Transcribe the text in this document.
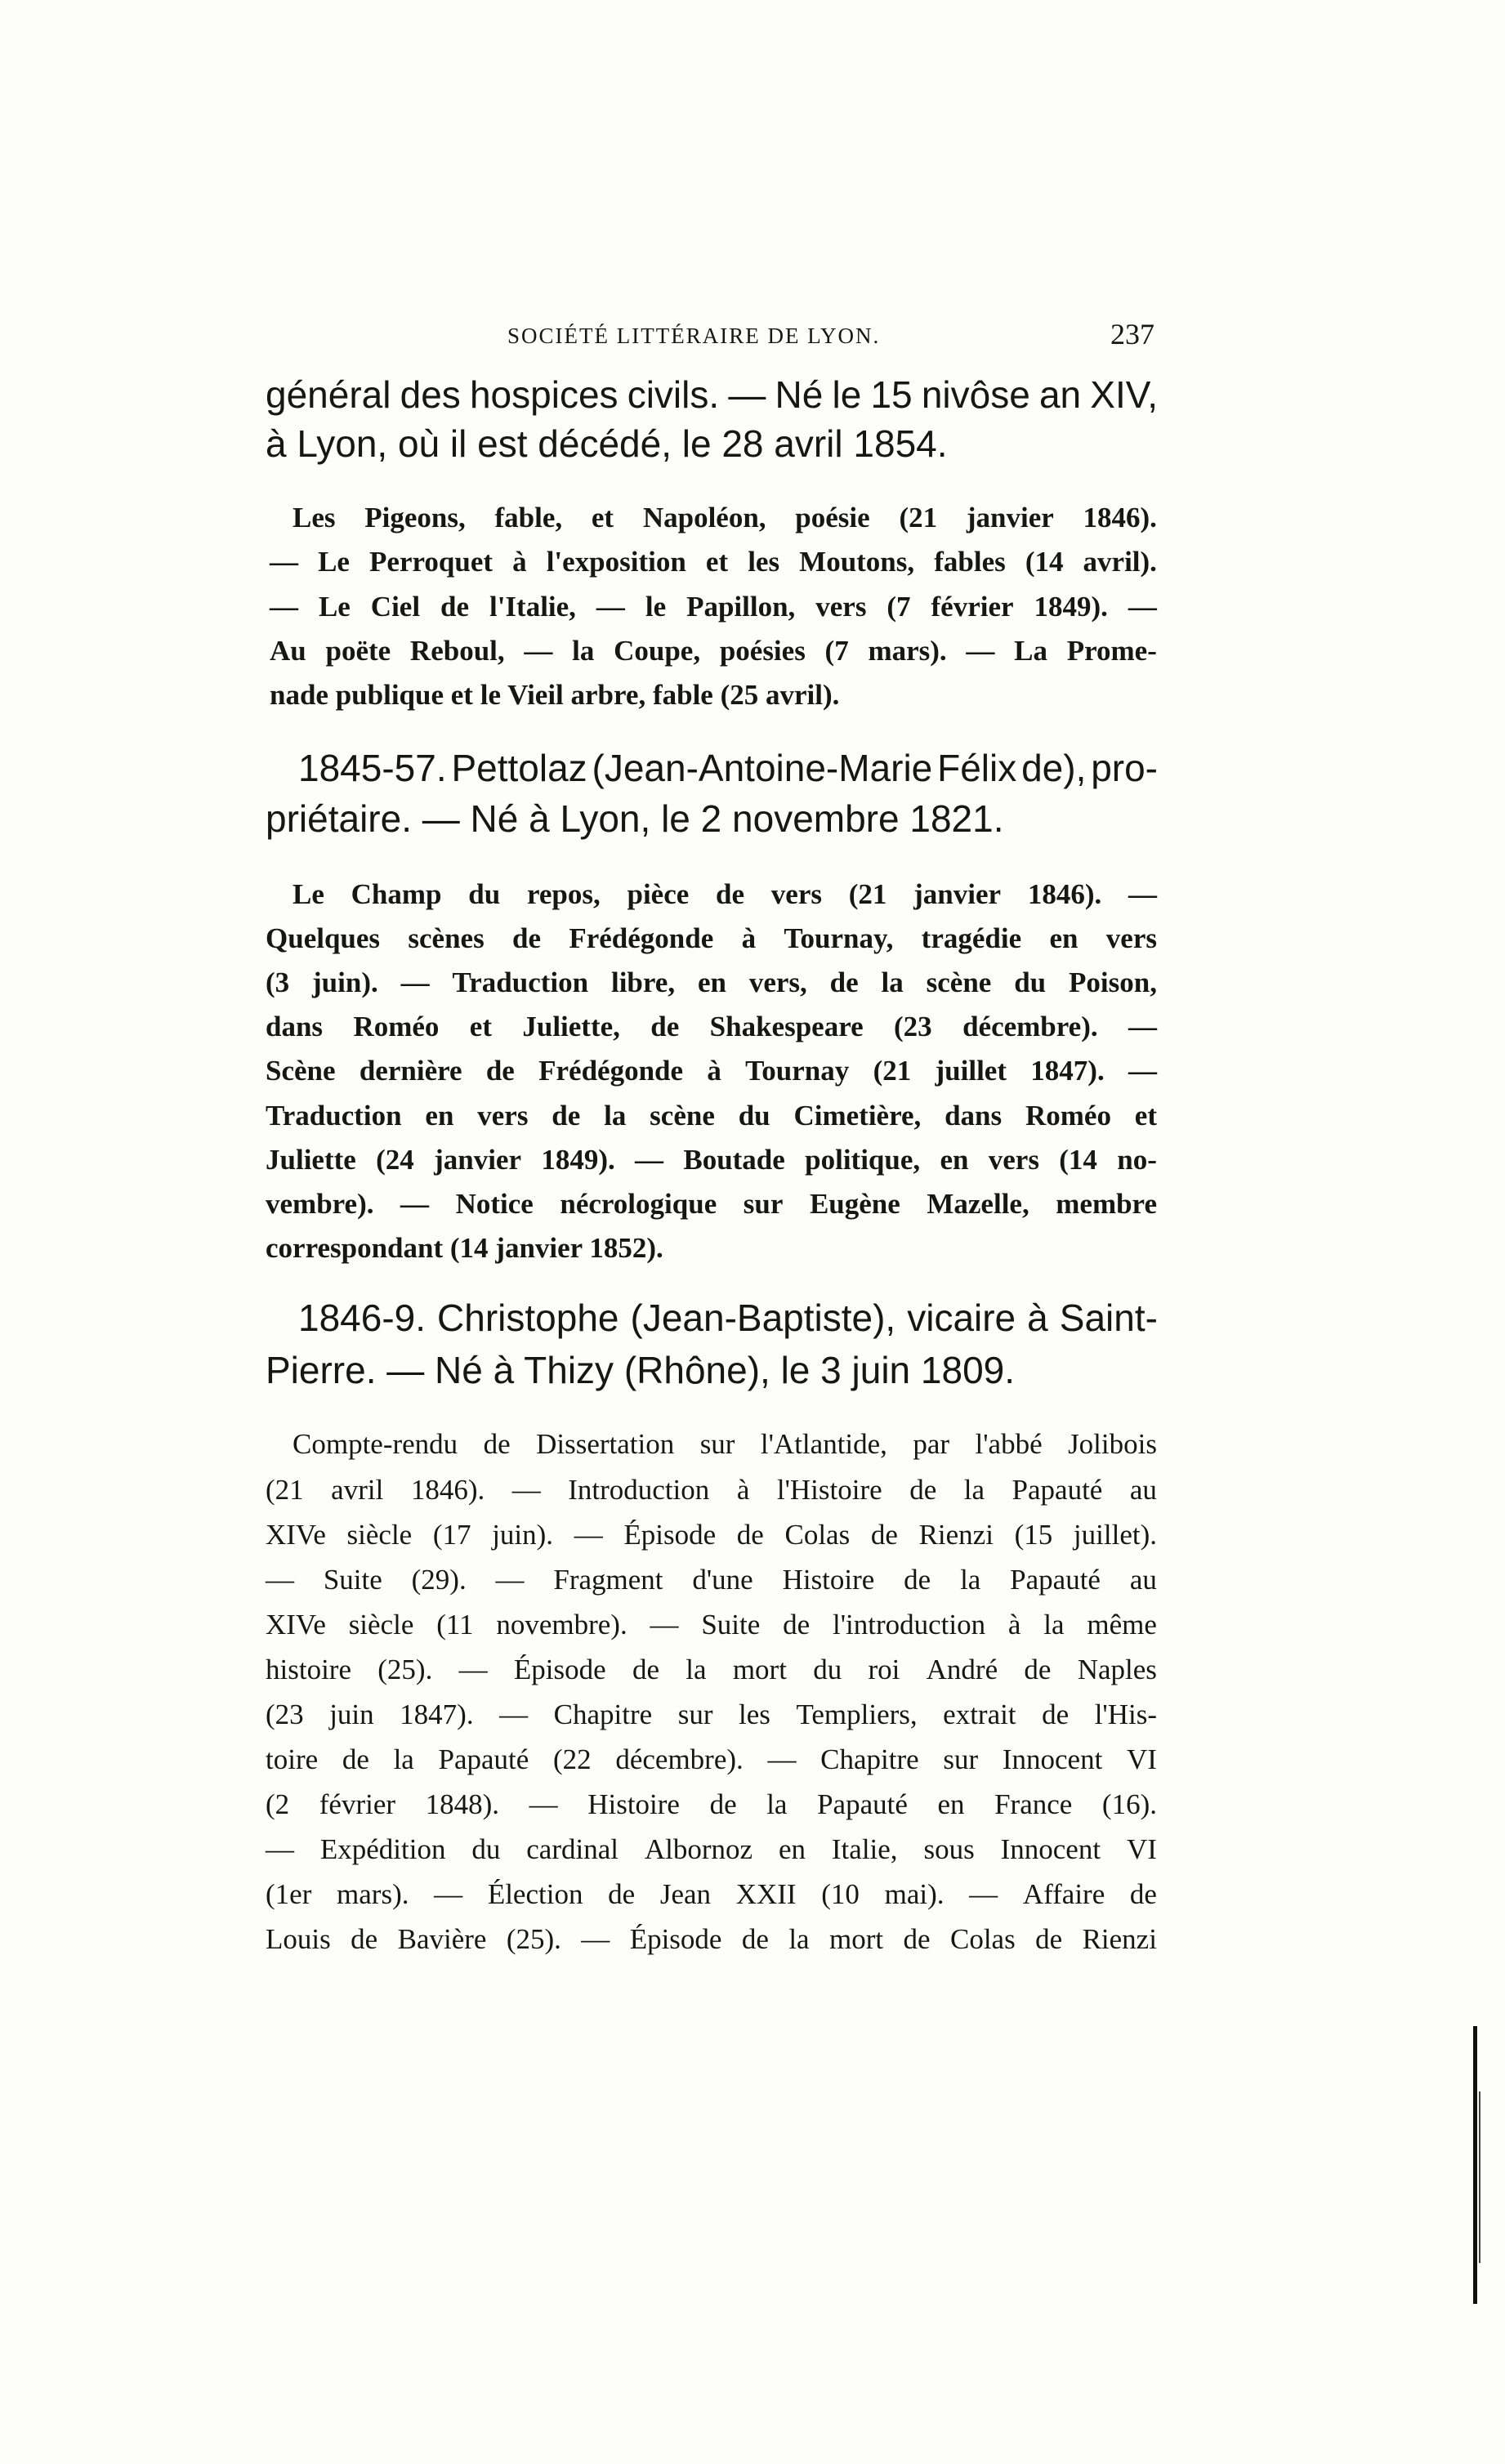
SOCIÉTÉ LITTÉRAIRE DE LYON.	237
général des hospices civils. — Né le 15 nivôse an XIV,
à Lyon, où il est décédé, le 28 avril 1854.
Les Pigeons, fable, et Napoléon, poésie (21 janvier 1846).
— Le Perroquet à l'exposition et les Moutons, fables (14 avril).
— Le Ciel de l'Italie, — le Papillon, vers (7 février 1849). —
Au poëte Reboul, — la Coupe, poésies (7 mars). — La Prome-
nade publique et le Vieil arbre, fable (25 avril).
1845-57. Pettolaz (Jean-Antoine-Marie Félix de), pro-
priétaire. — Né à Lyon, le 2 novembre 1821.
Le Champ du repos, pièce de vers (21 janvier 1846). —
Quelques scènes de Frédégonde à Tournay, tragédie en vers
(3 juin). — Traduction libre, en vers, de la scène du Poison,
dans Roméo et Juliette, de Shakespeare (23 décembre). —
Scène dernière de Frédégonde à Tournay (21 juillet 1847). —
Traduction en vers de la scène du Cimetière, dans Roméo et
Juliette (24 janvier 1849). — Boutade politique, en vers (14 no-
vembre). — Notice nécrologique sur Eugène Mazelle, membre
correspondant (14 janvier 1852).
1846-9. Christophe (Jean-Baptiste), vicaire à Saint-
Pierre. — Né à Thizy (Rhône), le 3 juin 1809.
Compte-rendu de Dissertation sur l'Atlantide, par l'abbé Jolibois
(21 avril 1846). — Introduction à l'Histoire de la Papauté au
XIVe siècle (17 juin). — Épisode de Colas de Rienzi (15 juillet).
— Suite (29). — Fragment d'une Histoire de la Papauté au
XIVe siècle (11 novembre). — Suite de l'introduction à la même
histoire (25). — Épisode de la mort du roi André de Naples
(23 juin 1847). — Chapitre sur les Templiers, extrait de l'His-
toire de la Papauté (22 décembre). — Chapitre sur Innocent VI
(2 février 1848). — Histoire de la Papauté en France (16).
— Expédition du cardinal Albornoz en Italie, sous Innocent VI
(1er mars). — Élection de Jean XXII (10 mai). — Affaire de
Louis de Bavière (25). — Épisode de la mort de Colas de Rienzi
